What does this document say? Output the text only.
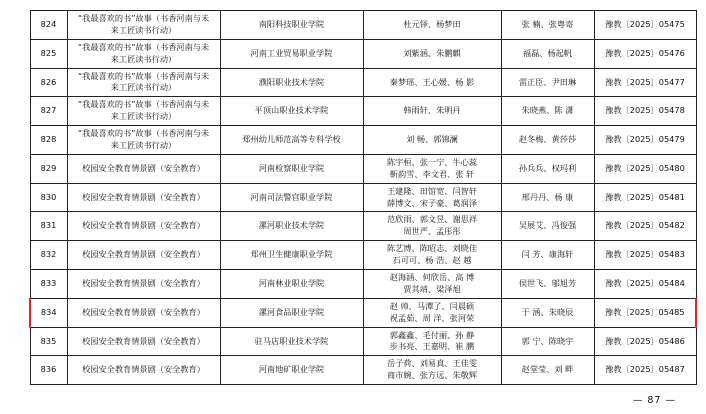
824	“我最喜欢的书”故事（书香河南与未
来工匠读书行动）	南阳科技职业学院	杜元铎、杨梦田	张 楠、张粤寄	豫教〔2025〕05475

825	“我最喜欢的书”故事（书香河南与未
来工匠读书行动）	河南工业贸易职业学院	刘紫涵、朱鹏麒	福磊、杨起帆	豫教〔2025〕05476

826	“我最喜欢的书”故事（书香河南与未
来工匠读书行动）	濮阳职业技术学院	秦梦瑶、王心媛、杨 影	雷正臣、尹田琳	豫教〔2025〕05477

827	“我最喜欢的书”故事（书香河南与未
来工匠读书行动）	平顶山职业技术学院	韩雨轩、朱明丹	朱晓燕、陈 潇	豫教〔2025〕05478

828	“我最喜欢的书”故事（书香河南与未
来工匠读书行动）	郑州幼儿师范高等专科学校	刘 畅、郭锦澜	赵冬梅、黄莎莎	豫教〔2025〕05479

829	校园安全教育情景剧（安全教育）	河南检察职业学院	陈宇桓、张一宁、牛心蕊
靳韵雪、李文君、张 轩	孙兵兵、权玛利	豫教〔2025〕05480

830	校园安全教育情景剧（安全教育）	河南司法警官职业学院	王建隆、田馆宽、闫智轩
薛博文、宋子豪、葛润泽	邢丹丹、杨 康	豫教〔2025〕05481

831	校园安全教育情景剧（安全教育）	漯河职业技术学院	范欣雨、郭文昱、谢思祥
周世严、孟彤彤	吴展艾、冯俊强	豫教〔2025〕05482

832	校园安全教育情景剧（安全教育）	郑州卫生健康职业学院	陈艺博、陈昭志、刘晓佳
石可可、杨 浩、赵 越	闫 芳、康海轩	豫教〔2025〕05483

833	校园安全教育情景剧（安全教育）	河南林业职业学院	赵海涵、何欣岳、高 博
贾其靖、梁泽旭	侯世飞、邬旭芳	豫教〔2025〕05484

834	校园安全教育情景剧（安全教育）	漯河食品职业学院	赵 帅、马潭了、闫晨硕
祝孟茹、周 洋、张河荣	于 涵、朱晓辰	豫教〔2025〕05485

835	校园安全教育情景剧（安全教育）	驻马店职业技术学院	郭鑫鑫、毛付丽、孙 静
步书亮、王嘉明、崔 鹏	郭 宁、陈晓宇	豫教〔2025〕05486

836	校园安全教育情景剧（安全教育）	河南地矿职业学院	岳子荷、刘易真、王佳雯
商市婉、张方远、朱敬辉	赵堂莹、刘 畔	豫教〔2025〕05487
— 87 —
